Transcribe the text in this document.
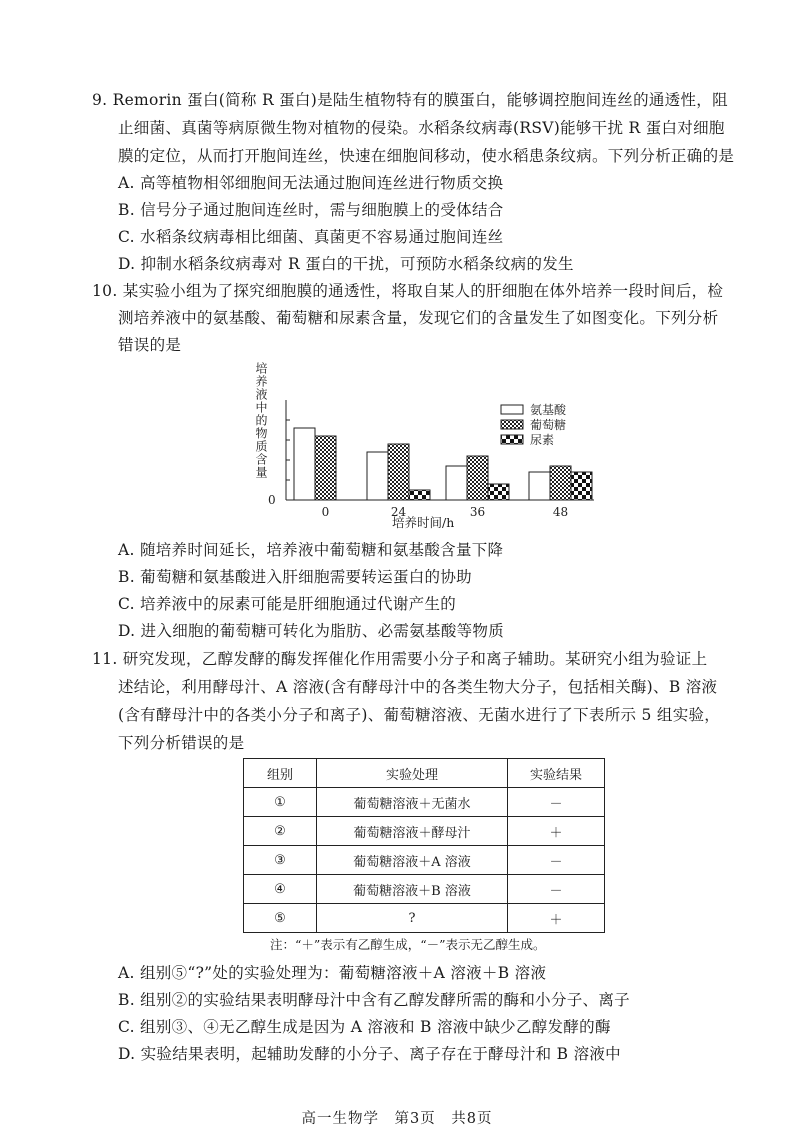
9. Remorin 蛋白(简称 R 蛋白)是陆生植物特有的膜蛋白，能够调控胞间连丝的通透性，阻
止细菌、真菌等病原微生物对植物的侵染。水稻条纹病毒(RSV)能够干扰 R 蛋白对细胞
膜的定位，从而打开胞间连丝，快速在细胞间移动，使水稻患条纹病。下列分析正确的是
A. 高等植物相邻细胞间无法通过胞间连丝进行物质交换
B. 信号分子通过胞间连丝时，需与细胞膜上的受体结合
C. 水稻条纹病毒相比细菌、真菌更不容易通过胞间连丝
D. 抑制水稻条纹病毒对 R 蛋白的干扰，可预防水稻条纹病的发生
10. 某实验小组为了探究细胞膜的通透性，将取自某人的肝细胞在体外培养一段时间后，检
测培养液中的氨基酸、葡萄糖和尿素含量，发现它们的含量发生了如图变化。下列分析
错误的是
培养液中的物质含量
0
0	24	36	48
氨基酸
葡萄糖
尿素
培养时间/h
A. 随培养时间延长，培养液中葡萄糖和氨基酸含量下降
B. 葡萄糖和氨基酸进入肝细胞需要转运蛋白的协助
C. 培养液中的尿素可能是肝细胞通过代谢产生的
D. 进入细胞的葡萄糖可转化为脂肪、必需氨基酸等物质
11. 研究发现，乙醇发酵的酶发挥催化作用需要小分子和离子辅助。某研究小组为验证上
述结论，利用酵母汁、A 溶液(含有酵母汁中的各类生物大分子，包括相关酶)、B 溶液
(含有酵母汁中的各类小分子和离子)、葡萄糖溶液、无菌水进行了下表所示 5 组实验，
下列分析错误的是
组别	实验处理	实验结果
①	葡萄糖溶液＋无菌水	－
②	葡萄糖溶液＋酵母汁	＋
③	葡萄糖溶液＋A 溶液	－
④	葡萄糖溶液＋B 溶液	－
⑤	?	＋
注：“＋”表示有乙醇生成，“－”表示无乙醇生成。
A. 组别⑤“?”处的实验处理为：葡萄糖溶液＋A 溶液＋B 溶液
B. 组别②的实验结果表明酵母汁中含有乙醇发酵所需的酶和小分子、离子
C. 组别③、④无乙醇生成是因为 A 溶液和 B 溶液中缺少乙醇发酵的酶
D. 实验结果表明，起辅助发酵的小分子、离子存在于酵母汁和 B 溶液中
高一生物学　第3页　共8页
